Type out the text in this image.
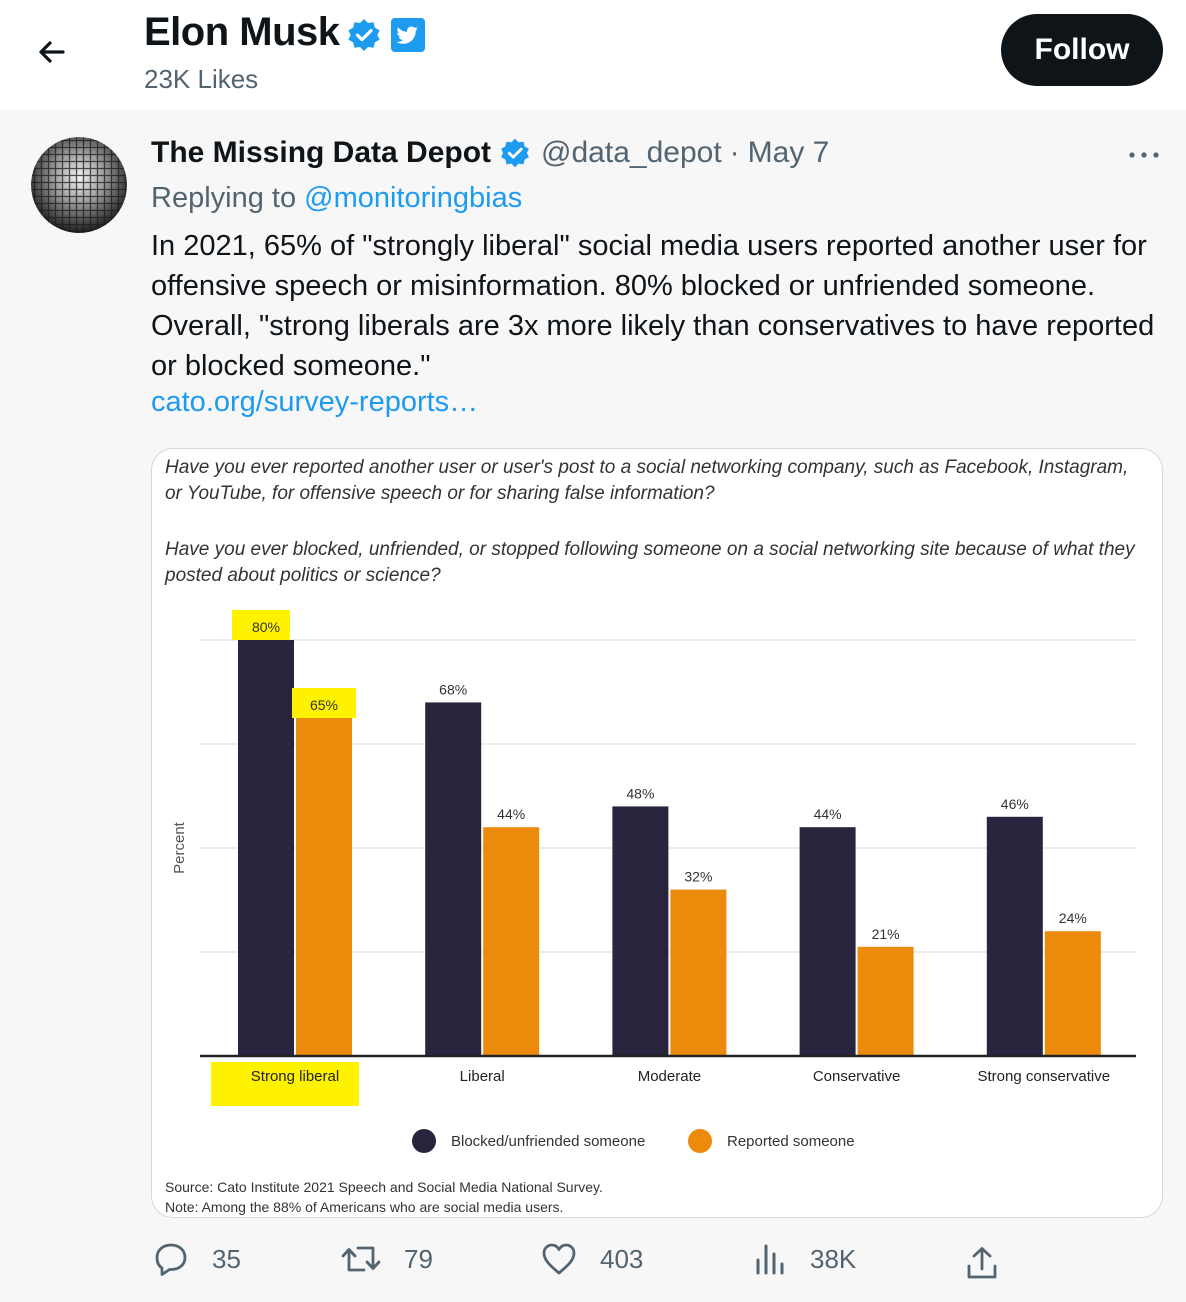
Elon Musk
23K Likes
Follow
The Missing Data Depot @data_depot · May 7
Replying to @monitoringbias
In 2021, 65% of "strongly liberal" social media users reported another user for offensive speech or misinformation. 80% blocked or unfriended someone. Overall, "strong liberals are 3x more likely than conservatives to have reported or blocked someone."
cato.org/survey-reports…
Have you ever reported another user or user's post to a social networking company, such as Facebook, Instagram, or YouTube, for offensive speech or for sharing false information?
Have you ever blocked, unfriended, or stopped following someone on a social networking site because of what they posted about politics or science?
Percent
80%
65%
Strong liberal
68%
44%
Liberal
48%
32%
Moderate
44%
21%
Conservative
46%
24%
Strong conservative
Blocked/unfriended someone	Reported someone
Source: Cato Institute 2021 Speech and Social Media National Survey.
Note: Among the 88% of Americans who are social media users.
35	79	403	38K
